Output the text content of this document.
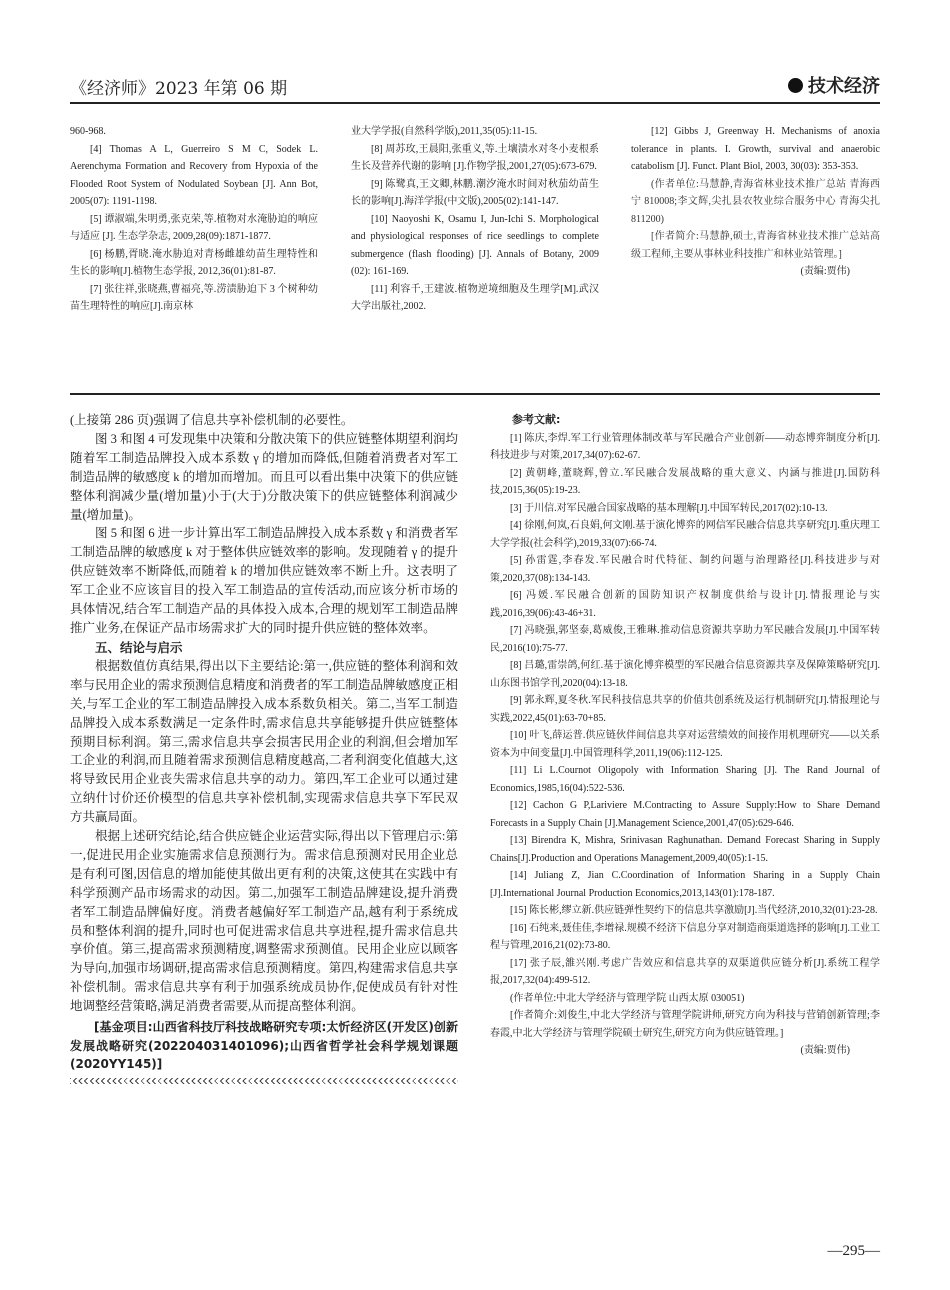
《经济师》2023 年第 06 期	技术经济

960-968.

[4] Thomas A L, Guerreiro S M C, Sodek L. Aerenchyma Formation and Recovery from Hypoxia of the Flooded Root System of Nodulated Soybean [J]. Ann Bot, 2005(07): 1191-1198.

[5] 谭淑端,朱明勇,张克荣,等.植物对水淹胁迫的响应与适应 [J]. 生态学杂志, 2009,28(09):1871-1877.

[6] 杨鹏,胥晓.淹水胁迫对青杨雌雄幼苗生理特性和生长的影响[J].植物生态学报, 2012,36(01):81-87.

[7] 张往祥,张晓燕,曹福亮,等.涝渍胁迫下 3 个树种幼苗生理特性的响应[J].南京林

业大学学报(自然科学版),2011,35(05):11-15.

[8] 周苏玫,王晨阳,张重义,等.土壤渍水对冬小麦根系生长及营养代谢的影响 [J].作物学报,2001,27(05):673-679.

[9] 陈鹭真,王文卿,林鹏.潮汐淹水时间对秋茄幼苗生长的影响[J].海洋学报(中文版),2005(02):141-147.

[10] Naoyoshi K, Osamu I, Jun-Ichi S. Morphological and physiological responses of rice seedlings to complete submergence (flash flooding) [J]. Annals of Botany, 2009 (02): 161-169.

[11] 利容千,王建波.植物逆境细胞及生理学[M].武汉大学出版社,2002.

[12] Gibbs J, Greenway H. Mechanisms of anoxia tolerance in plants. I. Growth, survival and anaerobic catabolism [J]. Funct. Plant Biol, 2003, 30(03): 353-353.

(作者单位:马慧静,青海省林业技术推广总站 青海西宁 810008;李文辉,尖扎县农牧业综合服务中心 青海尖扎 811200)

[作者简介:马慧静,硕士,青海省林业技术推广总站高级工程师,主要从事林业科技推广和林业站管理。]

(责编:贾伟)

(上接第 286 页)强调了信息共享补偿机制的必要性。

图 3 和图 4 可发现集中决策和分散决策下的供应链整体期望利润均随着军工制造品牌投入成本系数 γ 的增加而降低,但随着消费者对军工制造品牌的敏感度 k 的增加而增加。而且可以看出集中决策下的供应链整体利润减少量(增加量)小于(大于)分散决策下的供应链整体利润减少量(增加量)。

图 5 和图 6 进一步计算出军工制造品牌投入成本系数 γ 和消费者军工制造品牌的敏感度 k 对于整体供应链效率的影响。发现随着 γ 的提升供应链效率不断降低,而随着 k 的增加供应链效率不断上升。这表明了军工企业不应该盲目的投入军工制造品的宣传活动,而应该分析市场的具体情况,结合军工制造产品的具体投入成本,合理的规划军工制造品牌推广业务,在保证产品市场需求扩大的同时提升供应链的整体效率。

五、结论与启示

根据数值仿真结果,得出以下主要结论:第一,供应链的整体利润和效率与民用企业的需求预测信息精度和消费者的军工制造品牌敏感度正相关,与军工企业的军工制造品牌投入成本系数负相关。第二,当军工制造品牌投入成本系数满足一定条件时,需求信息共享能够提升供应链整体预期目标利润。第三,需求信息共享会损害民用企业的利润,但会增加军工企业的利润,而且随着需求预测信息精度越高,二者利润变化值越大,这将导致民用企业丧失需求信息共享的动力。第四,军工企业可以通过建立纳什讨价还价模型的信息共享补偿机制,实现需求信息共享下军民双方共赢局面。

根据上述研究结论,结合供应链企业运营实际,得出以下管理启示:第一,促进民用企业实施需求信息预测行为。需求信息预测对民用企业总是有利可图,因信息的增加能使其做出更有利的决策,这使其在实践中有科学预测产品市场需求的动因。第二,加强军工制造品牌建设,提升消费者军工制造品牌偏好度。消费者越偏好军工制造产品,越有利于系统成员和整体利润的提升,同时也可促进需求信息共享进程,提升需求信息共享价值。第三,提高需求预测精度,调整需求预测值。民用企业应以顾客为导向,加强市场调研,提高需求信息预测精度。第四,构建需求信息共享补偿机制。需求信息共享有利于加强系统成员协作,促使成员有针对性地调整经营策略,满足消费者需要,从而提高整体利润。

[基金项目:山西省科技厅科技战略研究专项:太忻经济区(开发区)创新发展战略研究(202204031401096);山西省哲学社会科学规划课题(2020YY145)]
参考文献:

[1] 陈庆,李焊.军工行业管理体制改革与军民融合产业创新——动态博弈制度分析[J].科技进步与对策,2017,34(07):62-67.

[2] 黄朝峰,董晓辉,曾立.军民融合发展战略的重大意义、内涵与推进[J].国防科技,2015,36(05):19-23.

[3] 于川信.对军民融合国家战略的基本理解[J].中国军转民,2017(02):10-13.

[4] 徐刚,何岚,石良娟,何文刚.基于演化博弈的网信军民融合信息共享研究[J].重庆理工大学学报(社会科学),2019,33(07):66-74.

[5] 孙雷霆,李春发.军民融合时代特征、制约问题与治理路径[J].科技进步与对策,2020,37(08):134-143.

[6] 冯媛.军民融合创新的国防知识产权制度供给与设计[J].情报理论与实践,2016,39(06):43-46+31.

[7] 冯晓强,郭坚泰,葛威俊,王雅琳.推动信息资源共享助力军民融合发展[J].中国军转民,2016(10):75-77.

[8] 吕璐,雷崇鸽,何红.基于演化博弈模型的军民融合信息资源共享及保障策略研究[J].山东图书馆学刊,2020(04):13-18.

[9] 郭永辉,夏冬秋.军民科技信息共享的价值共创系统及运行机制研究[J].情报理论与实践,2022,45(01):63-70+85.

[10] 叶飞,薛运普.供应链伙伴间信息共享对运营绩效的间接作用机理研究——以关系资本为中间变量[J].中国管理科学,2011,19(06):112-125.

[11] Li L.Cournot Oligopoly with Information Sharing [J]. The Rand Journal of Economics,1985,16(04):522-536.

[12] Cachon G P,Lariviere M.Contracting to Assure Supply:How to Share Demand Forecasts in a Supply Chain [J].Management Science,2001,47(05):629-646.

[13] Birendra K, Mishra, Srinivasan Raghunathan. Demand Forecast Sharing in Supply Chains[J].Production and Operations Management,2009,40(05):1-15.

[14] Juliang Z, Jian C.Coordination of Information Sharing in a Supply Chain [J].International Journal Production Economics,2013,143(01):178-187.

[15] 陈长彬,缪立新.供应链弹性契约下的信息共享激励[J].当代经济,2010,32(01):23-28.

[16] 石纯来,聂佳佳,李增禄.规模不经济下信息分享对制造商渠道选择的影响[J].工业工程与管理,2016,21(02):73-80.

[17] 张子辰,雒兴刚.考虑广告效应和信息共享的双渠道供应链分析[J].系统工程学报,2017,32(04):499-512.

(作者单位:中北大学经济与管理学院 山西太原 030051)

[作者简介:刘俊生,中北大学经济与管理学院讲师,研究方向为科技与营销创新管理;李春霞,中北大学经济与管理学院硕士研究生,研究方向为供应链管理。]

(责编:贾伟)

—295—
